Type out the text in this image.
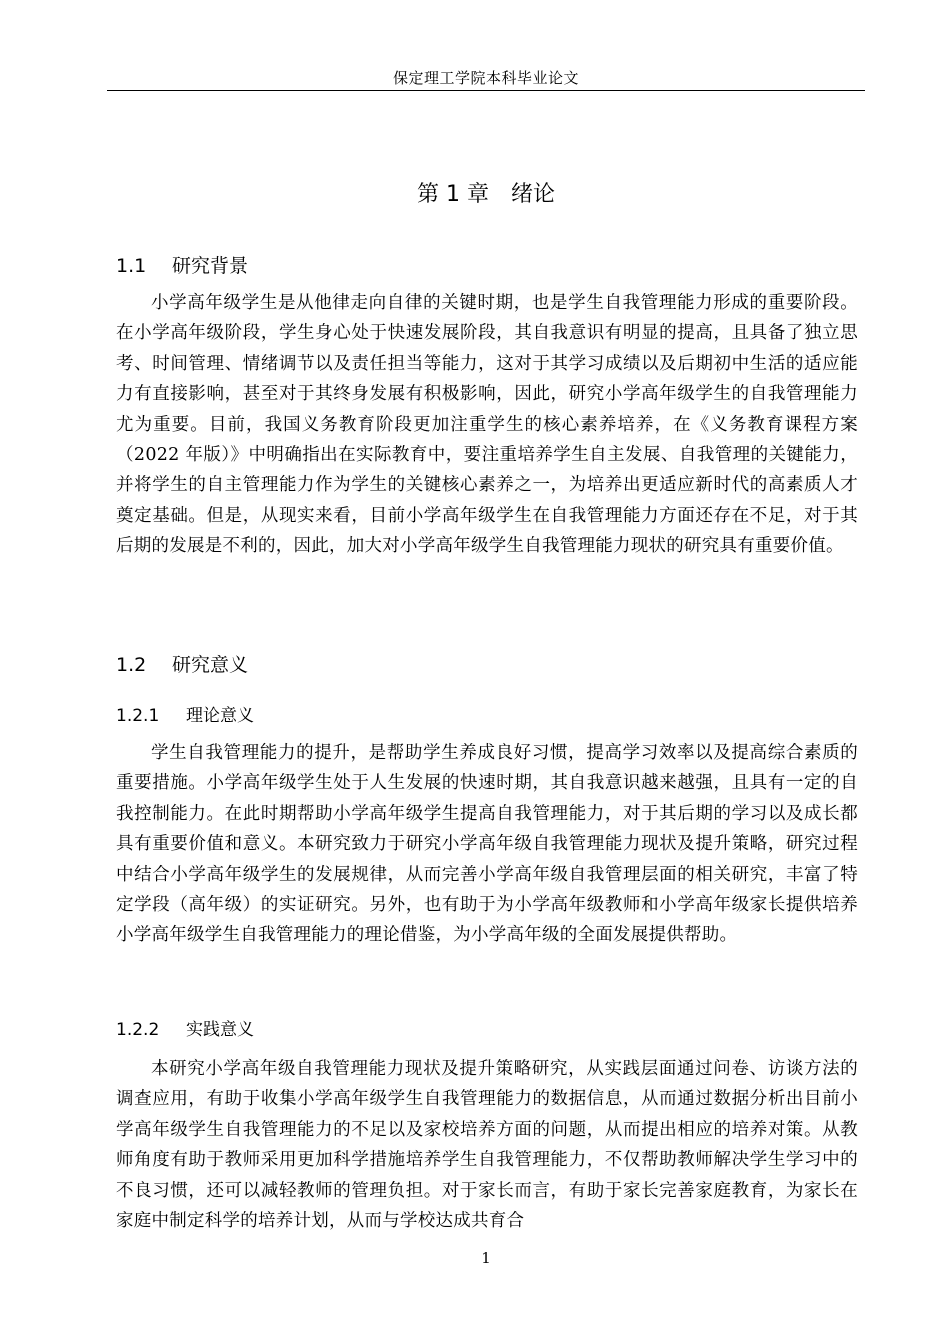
保定理工学院本科毕业论文
第 1 章　绪论
1.1 研究背景

小学高年级学生是从他律走向自律的关键时期，也是学生自我管理能力形成的重要阶段。在小学高年级阶段，学生身心处于快速发展阶段，其自我意识有明显的提高，且具备了独立思考、时间管理、情绪调节以及责任担当等能力，这对于其学习成绩以及后期初中生活的适应能力有直接影响，甚至对于其终身发展有积极影响，因此，研究小学高年级学生的自我管理能力尤为重要。目前，我国义务教育阶段更加注重学生的核心素养培养，在《义务教育课程方案（2022 年版）》中明确指出在实际教育中，要注重培养学生自主发展、自我管理的关键能力，并将学生的自主管理能力作为学生的关键核心素养之一，为培养出更适应新时代的高素质人才奠定基础。但是，从现实来看，目前小学高年级学生在自我管理能力方面还存在不足，对于其后期的发展是不利的，因此，加大对小学高年级学生自我管理能力现状的研究具有重要价值。

1.2 研究意义
1.2.1 理论意义

学生自我管理能力的提升，是帮助学生养成良好习惯，提高学习效率以及提高综合素质的重要措施。小学高年级学生处于人生发展的快速时期，其自我意识越来越强，且具有一定的自我控制能力。在此时期帮助小学高年级学生提高自我管理能力，对于其后期的学习以及成长都具有重要价值和意义。本研究致力于研究小学高年级自我管理能力现状及提升策略，研究过程中结合小学高年级学生的发展规律，从而完善小学高年级自我管理层面的相关研究，丰富了特定学段（高年级）的实证研究。另外，也有助于为小学高年级教师和小学高年级家长提供培养小学高年级学生自我管理能力的理论借鉴，为小学高年级的全面发展提供帮助。

1.2.2 实践意义

本研究小学高年级自我管理能力现状及提升策略研究，从实践层面通过问卷、访谈方法的调查应用，有助于收集小学高年级学生自我管理能力的数据信息，从而通过数据分析出目前小学高年级学生自我管理能力的不足以及家校培养方面的问题，从而提出相应的培养对策。从教师角度有助于教师采用更加科学措施培养学生自我管理能力，不仅帮助教师解决学生学习中的不良习惯，还可以减轻教师的管理负担。对于家长而言，有助于家长完善家庭教育，为家长在家庭中制定科学的培养计划，从而与学校达成共育合

1
